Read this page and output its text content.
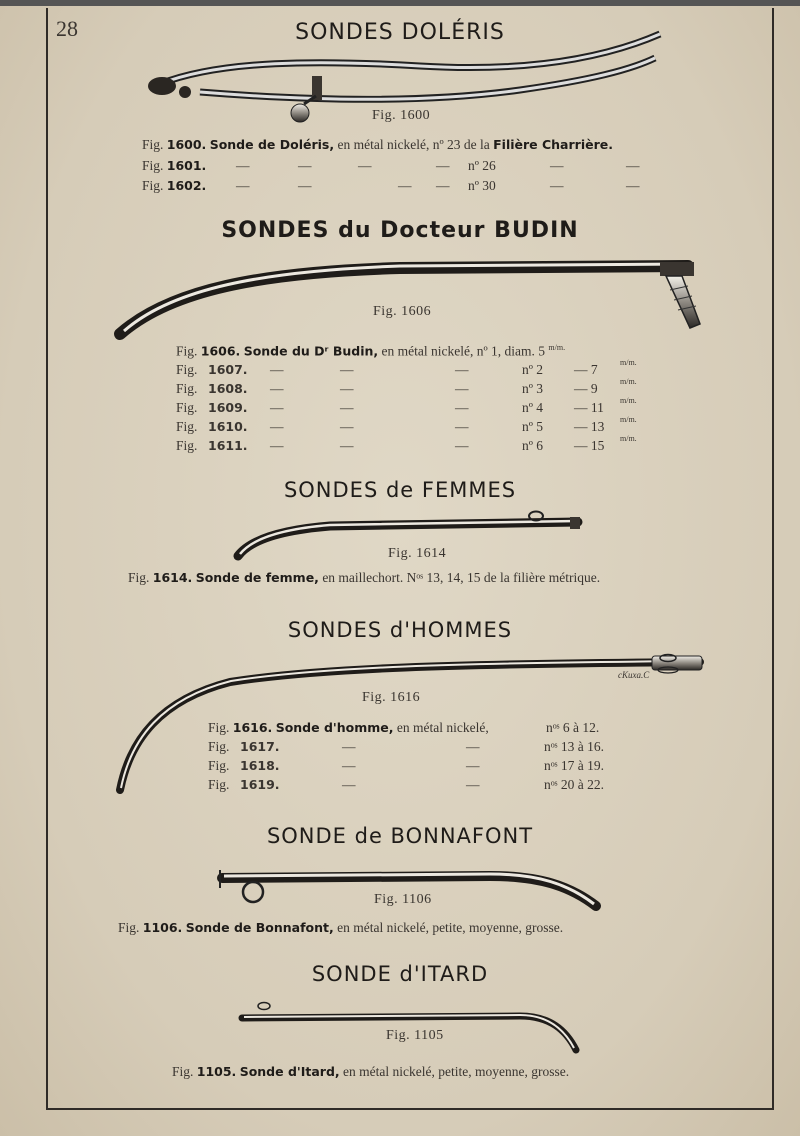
28	SONDES DOLÉRIS
Fig. 1600
Fig. 1600. Sonde de Doléris, en métal nickelé, nº 23 de la Filière Charrière.
Fig. 1601. —	—	—	— nº 26	—	—
Fig. 1602. —	—	— — nº 30	—	—
SONDES du Docteur BUDIN
Fig. 1606
Fig. 1606. Sonde du Dʳ Budin, en métal nickelé, nº 1, diam. 5 $^{m/m.}$
Fig. 1607. —	—	—	nº 2 — 7	m/m.
Fig. 1608. —	—	—	nº 3 — 9	m/m.
Fig. 1609. —	—	—	nº 4 — 11 m/m.
Fig. 1610. —	—	—	nº 5 — 13 m/m.
Fig. 1611. —	—	—	nº 6 — 15 m/m.
SONDES de FEMMES
Fig. 1614
Fig. 1614. Sonde de femme, en maillechort. Nᵒˢ 13, 14, 15 de la filière métrique.
SONDES d'HOMMES
cKuxa.C
Fig. 1616
Fig. 1616. Sonde d'homme, en métal nickelé,	nᵒˢ 6 à 12.
Fig. 1617.	—	—	nᵒˢ 13 à 16.
Fig. 1618.	—	—	nᵒˢ 17 à 19.
Fig. 1619.	—	—	nᵒˢ 20 à 22.
SONDE de BONNAFONT
Fig. 1106
Fig. 1106. Sonde de Bonnafont, en métal nickelé, petite, moyenne, grosse.
SONDE d'ITARD
Fig. 1105
Fig. 1105. Sonde d'Itard, en métal nickelé, petite, moyenne, grosse.
